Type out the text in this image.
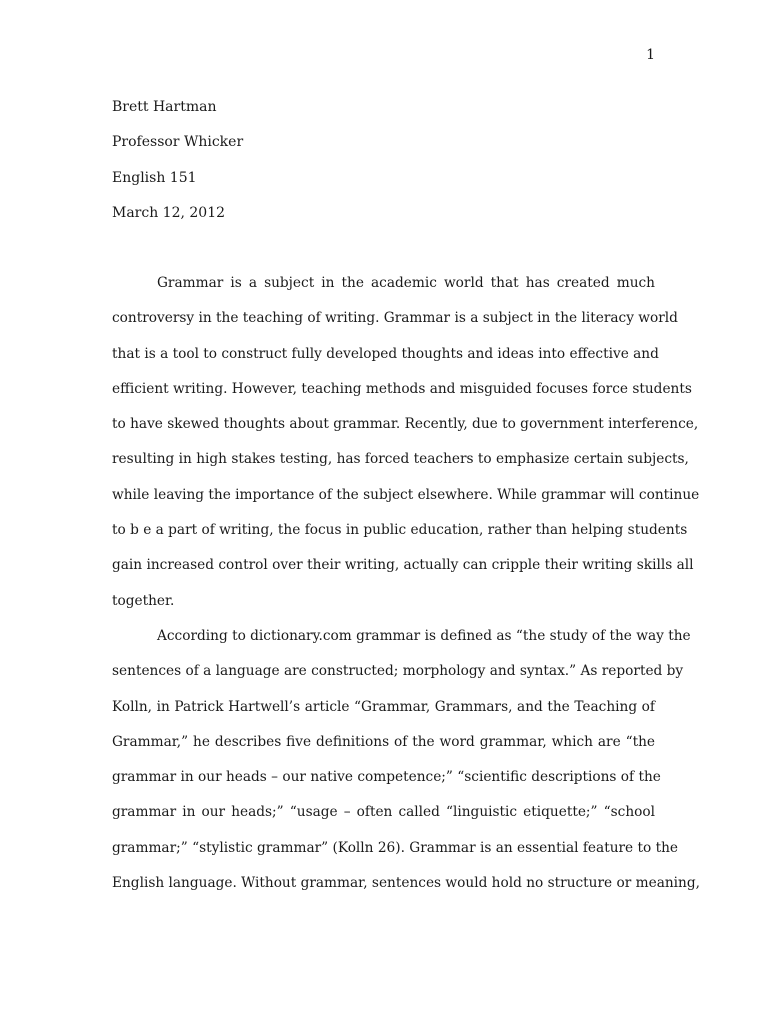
1
Brett Hartman
Professor Whicker
English 151
March 12, 2012
Grammar is a subject in the academic world that has created much
controversy in the teaching of writing. Grammar is a subject in the literacy world
that is a tool to construct fully developed thoughts and ideas into effective and
efficient writing. However, teaching methods and misguided focuses force students
to have skewed thoughts about grammar. Recently, due to government interference,
resulting in high stakes testing, has forced teachers to emphasize certain subjects,
while leaving the importance of the subject elsewhere. While grammar will continue
to b e a part of writing, the focus in public education, rather than helping students
gain increased control over their writing, actually can cripple their writing skills all
together.
According to dictionary.com grammar is defined as “the study of the way the
sentences of a language are constructed; morphology and syntax.” As reported by
Kolln, in Patrick Hartwell’s article “Grammar, Grammars, and the Teaching of
Grammar,” he describes five definitions of the word grammar, which are “the
grammar in our heads – our native competence;” “scientific descriptions of the
grammar in our heads;” “usage – often called “linguistic etiquette;” “school
grammar;” “stylistic grammar” (Kolln 26). Grammar is an essential feature to the
English language. Without grammar, sentences would hold no structure or meaning,
